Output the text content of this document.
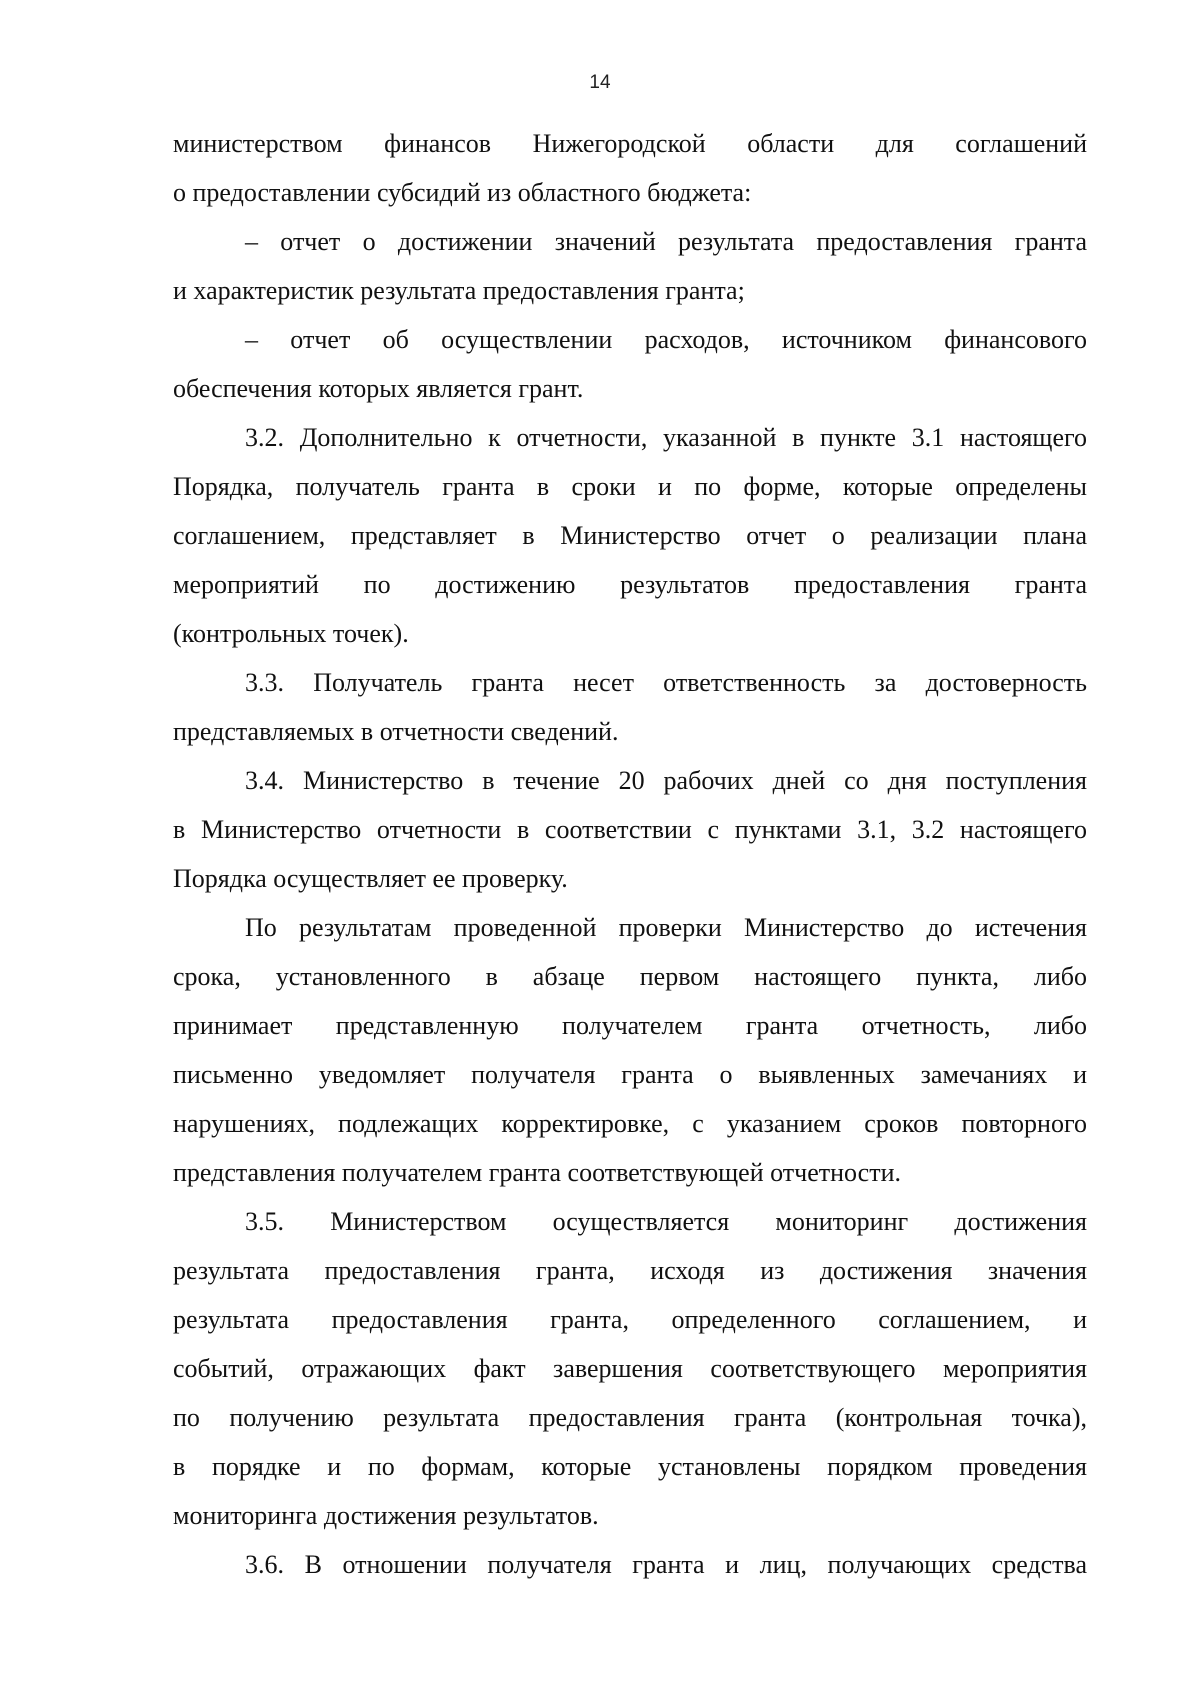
14
министерством финансов Нижегородской области для соглашений
о предоставлении субсидий из областного бюджета:
– отчет о достижении значений результата предоставления гранта
и характеристик результата предоставления гранта;
– отчет об осуществлении расходов, источником финансового
обеспечения которых является грант.
3.2. Дополнительно к отчетности, указанной в пункте 3.1 настоящего
Порядка, получатель гранта в сроки и по форме, которые определены
соглашением, представляет в Министерство отчет о реализации плана
мероприятий по достижению результатов предоставления гранта
(контрольных точек).
3.3. Получатель гранта несет ответственность за достоверность
представляемых в отчетности сведений.
3.4. Министерство в течение 20 рабочих дней со дня поступления
в Министерство отчетности в соответствии с пунктами 3.1, 3.2 настоящего
Порядка осуществляет ее проверку.
По результатам проведенной проверки Министерство до истечения
срока, установленного в абзаце первом настоящего пункта, либо
принимает представленную получателем гранта отчетность, либо
письменно уведомляет получателя гранта о выявленных замечаниях и
нарушениях, подлежащих корректировке, с указанием сроков повторного
представления получателем гранта соответствующей отчетности.
3.5. Министерством осуществляется мониторинг достижения
результата предоставления гранта, исходя из достижения значения
результата предоставления гранта, определенного соглашением, и
событий, отражающих факт завершения соответствующего мероприятия
по получению результата предоставления гранта (контрольная точка),
в порядке и по формам, которые установлены порядком проведения
мониторинга достижения результатов.
3.6. В отношении получателя гранта и лиц, получающих средства
